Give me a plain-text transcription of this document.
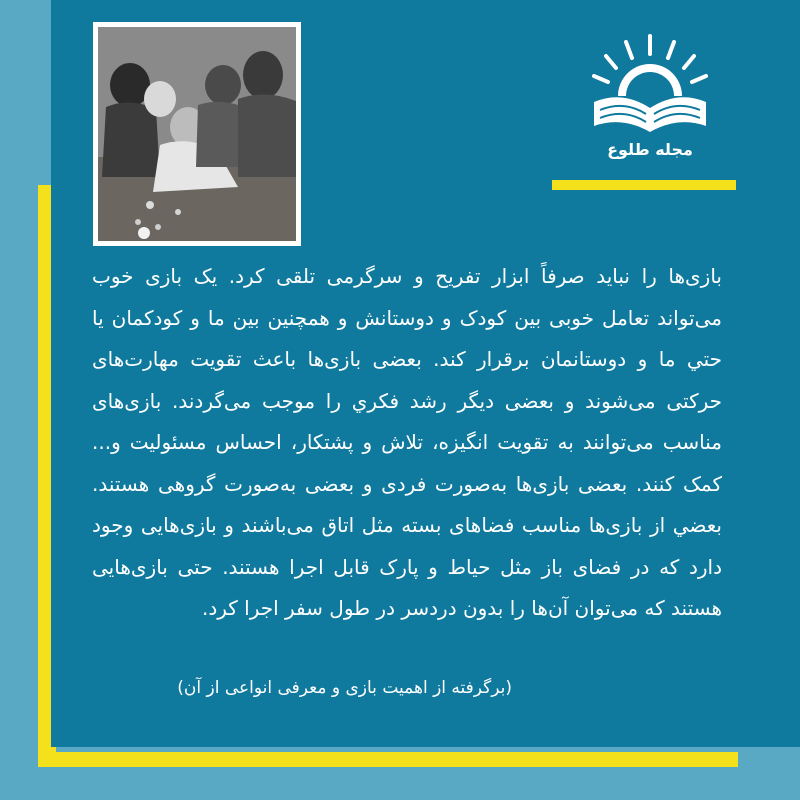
مجله طلوع

بازی‌ها را نباید صرفاً ابزار تفریح و سرگرمی تلقی کرد. یک بازی خوب می‌تواند تعامل خوبی بین کودک و دوستانش و همچنین بین ما و کودکمان یا حتي ما و دوستانمان برقرار کند. بعضی بازی‌ها باعث تقویت مهارت‌های حرکتی می‌شوند و بعضی دیگر رشد فکري را موجب می‌گردند. بازی‌های مناسب می‌توانند به تقویت انگیزه، تلاش و پشتکار، احساس مسئولیت و... کمک کنند. بعضی بازی‌ها به‌صورت فردی و بعضی به‌صورت گروهی هستند. بعضي از بازی‌ها مناسب فضاهای بسته مثل اتاق می‌باشند و بازی‌هایی وجود دارد که در فضای باز مثل حیاط و پارک قابل اجرا هستند. حتی بازی‌هایی هستند که می‌توان آن‌ها را بدون دردسر در طول سفر اجرا کرد.

(برگرفته از اهمیت بازی و معرفی انواعی از آن)
